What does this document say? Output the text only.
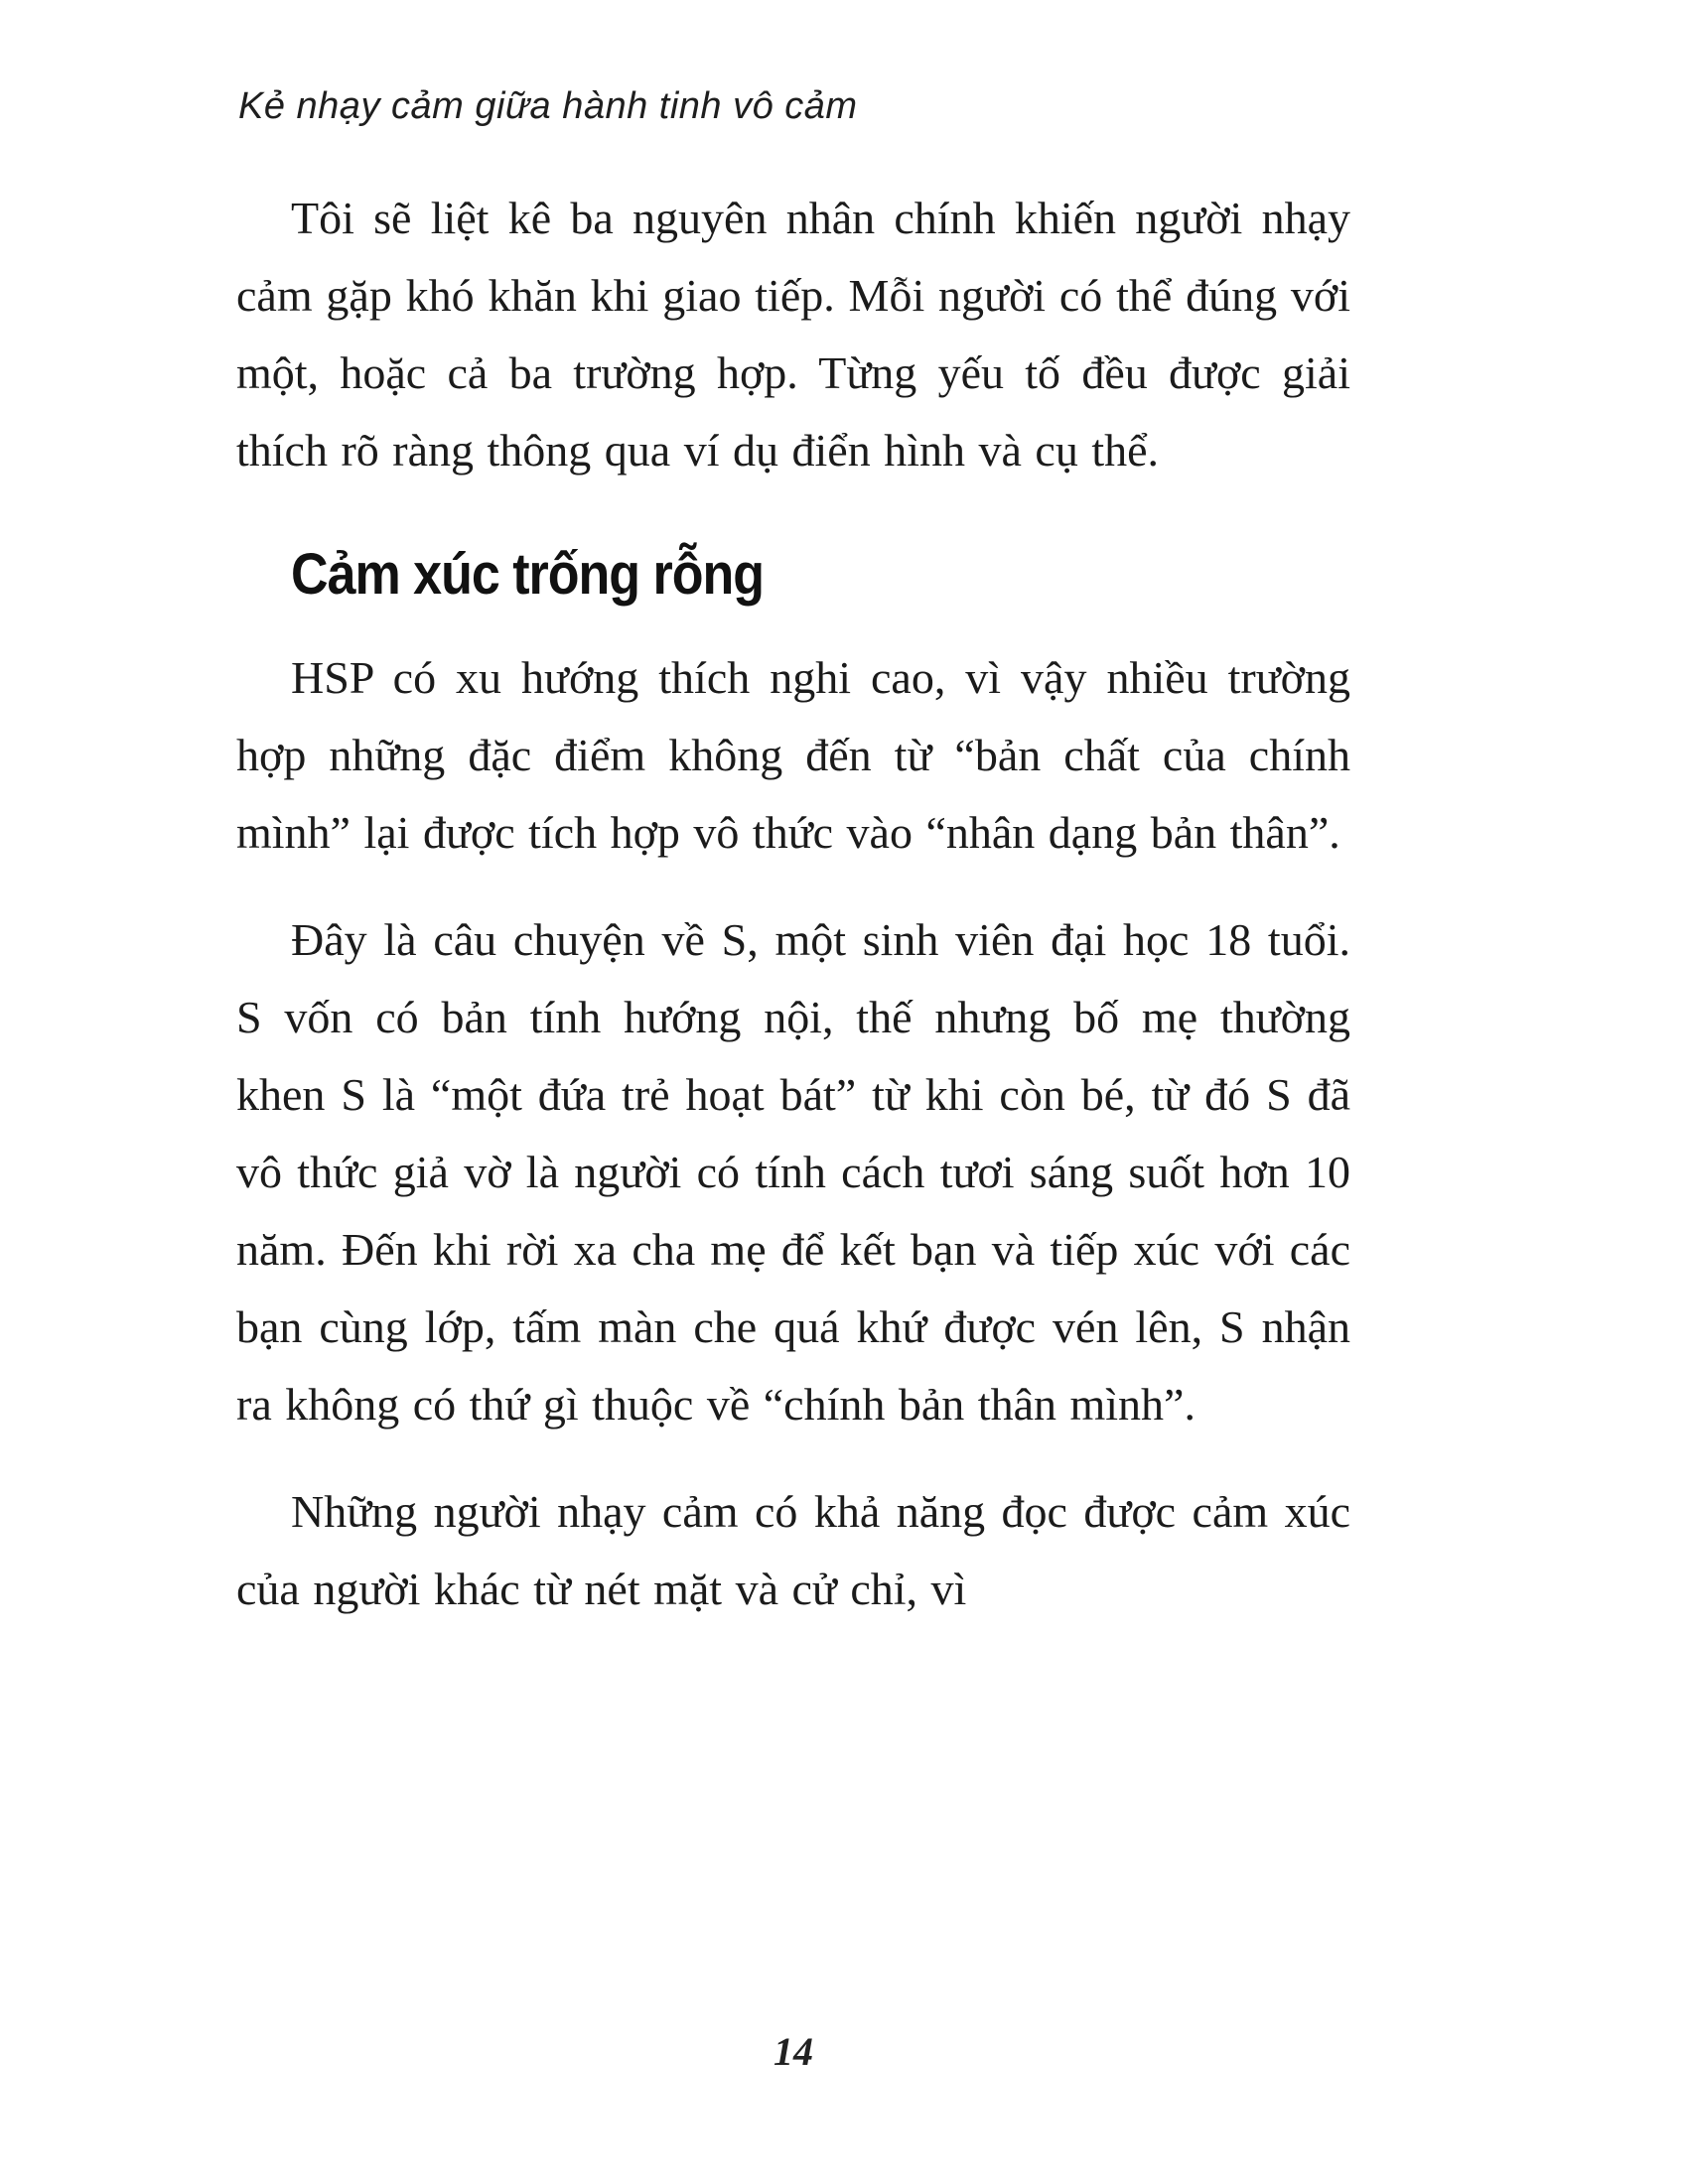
Kẻ nhạy cảm giữa hành tinh vô cảm

Tôi sẽ liệt kê ba nguyên nhân chính khiến người nhạy cảm gặp khó khăn khi giao tiếp. Mỗi người có thể đúng với một, hoặc cả ba trường hợp. Từng yếu tố đều được giải thích rõ ràng thông qua ví dụ điển hình và cụ thể.

Cảm xúc trống rỗng

HSP có xu hướng thích nghi cao, vì vậy nhiều trường hợp những đặc điểm không đến từ “bản chất của chính mình” lại được tích hợp vô thức vào “nhân dạng bản thân”.

Đây là câu chuyện về S, một sinh viên đại học 18 tuổi. S vốn có bản tính hướng nội, thế nhưng bố mẹ thường khen S là “một đứa trẻ hoạt bát” từ khi còn bé, từ đó S đã vô thức giả vờ là người có tính cách tươi sáng suốt hơn 10 năm. Đến khi rời xa cha mẹ để kết bạn và tiếp xúc với các bạn cùng lớp, tấm màn che quá khứ được vén lên, S nhận ra không có thứ gì thuộc về “chính bản thân mình”.

Những người nhạy cảm có khả năng đọc được cảm xúc của người khác từ nét mặt và cử chỉ, vì

14
